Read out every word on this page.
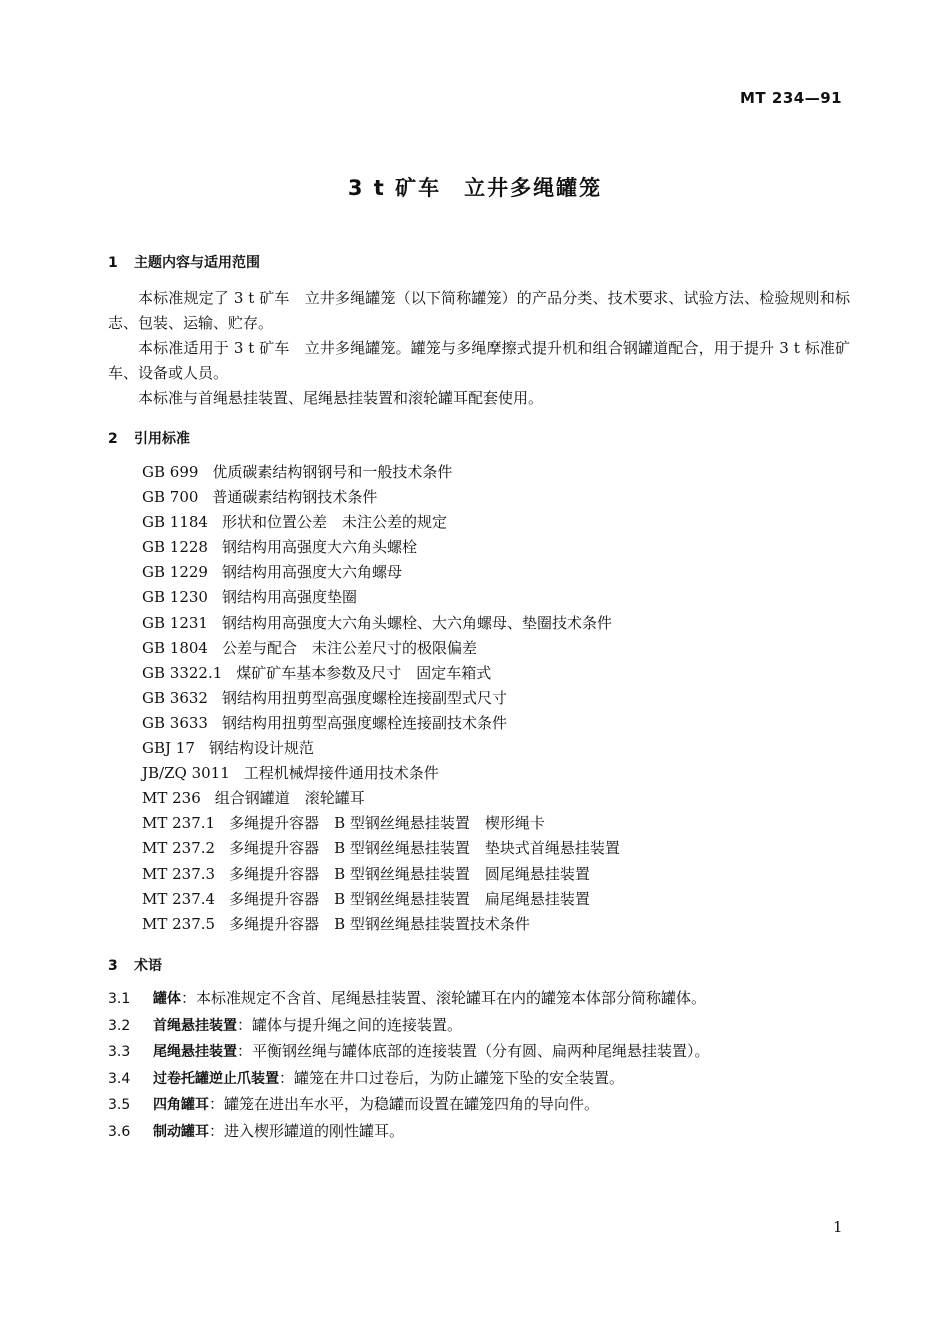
MT 234—91
3 t 矿车　立井多绳罐笼
1 主题内容与适用范围
本标准规定了 3 t 矿车　立井多绳罐笼（以下简称罐笼）的产品分类、技术要求、试验方法、检验规则和标志、包装、运输、贮存。
本标准适用于 3 t 矿车　立井多绳罐笼。罐笼与多绳摩擦式提升机和组合钢罐道配合，用于提升 3 t 标准矿车、设备或人员。
本标准与首绳悬挂装置、尾绳悬挂装置和滚轮罐耳配套使用。
2 引用标准
GB 699 优质碳素结构钢钢号和一般技术条件
GB 700 普通碳素结构钢技术条件
GB 1184 形状和位置公差　未注公差的规定
GB 1228 钢结构用高强度大六角头螺栓
GB 1229 钢结构用高强度大六角螺母
GB 1230 钢结构用高强度垫圈
GB 1231 钢结构用高强度大六角头螺栓、大六角螺母、垫圈技术条件
GB 1804 公差与配合　未注公差尺寸的极限偏差
GB 3322.1 煤矿矿车基本参数及尺寸　固定车箱式
GB 3632 钢结构用扭剪型高强度螺栓连接副型式尺寸
GB 3633 钢结构用扭剪型高强度螺栓连接副技术条件
GBJ 17 钢结构设计规范
JB/ZQ 3011 工程机械焊接件通用技术条件
MT 236 组合钢罐道　滚轮罐耳
MT 237.1 多绳提升容器　B 型钢丝绳悬挂装置　楔形绳卡
MT 237.2 多绳提升容器　B 型钢丝绳悬挂装置　垫块式首绳悬挂装置
MT 237.3 多绳提升容器　B 型钢丝绳悬挂装置　圆尾绳悬挂装置
MT 237.4 多绳提升容器　B 型钢丝绳悬挂装置　扁尾绳悬挂装置
MT 237.5 多绳提升容器　B 型钢丝绳悬挂装置技术条件
3 术语
3.1 罐体：本标准规定不含首、尾绳悬挂装置、滚轮罐耳在内的罐笼本体部分简称罐体。
3.2 首绳悬挂装置：罐体与提升绳之间的连接装置。
3.3 尾绳悬挂装置：平衡钢丝绳与罐体底部的连接装置（分有圆、扁两种尾绳悬挂装置）。
3.4 过卷托罐逆止爪装置：罐笼在井口过卷后，为防止罐笼下坠的安全装置。
3.5 四角罐耳：罐笼在进出车水平，为稳罐而设置在罐笼四角的导向件。
3.6 制动罐耳：进入楔形罐道的刚性罐耳。
1
